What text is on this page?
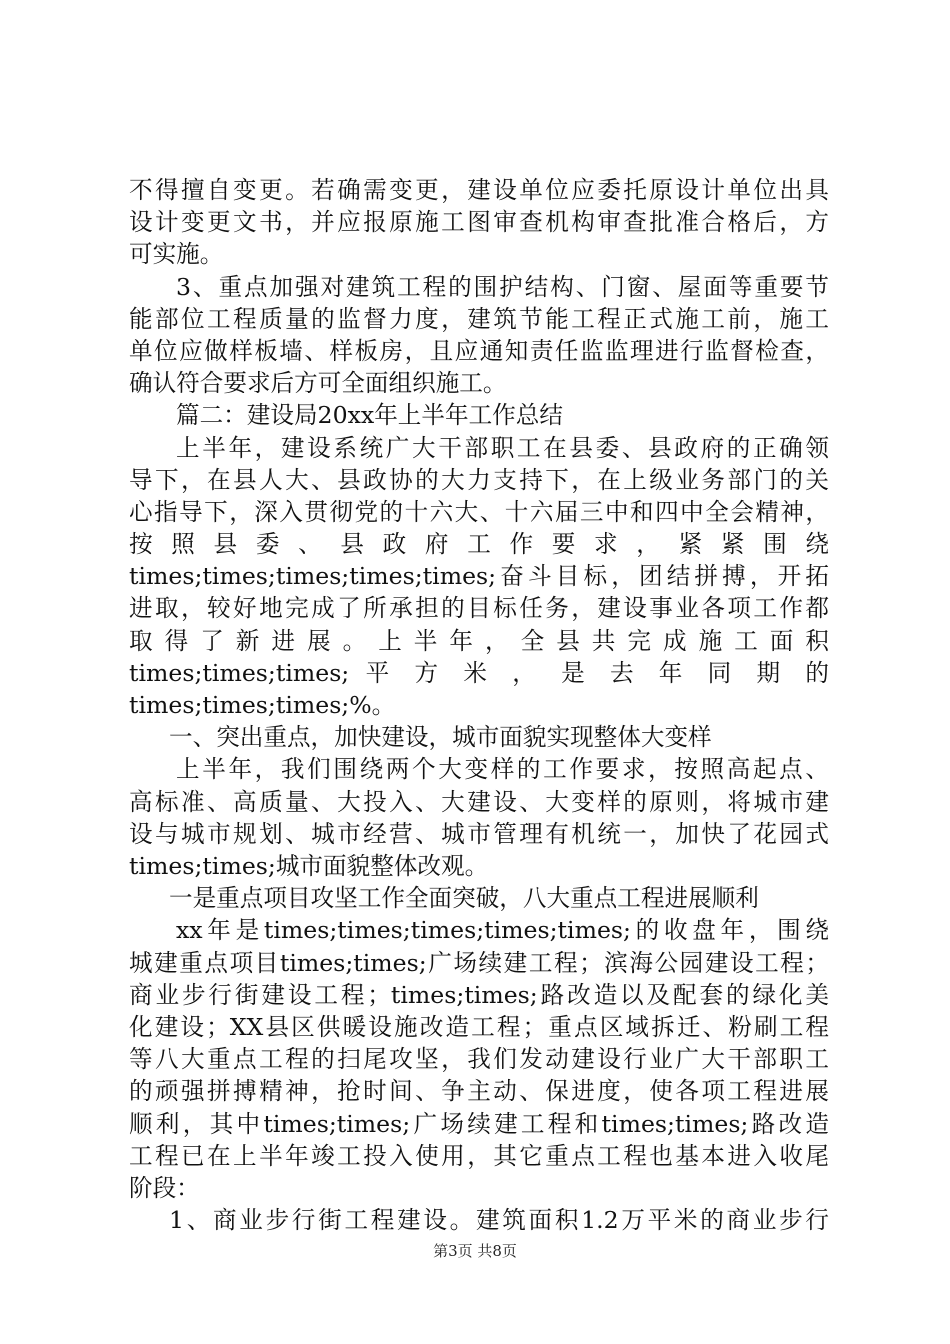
不得擅自变更。若确需变更，建设单位应委托原设计单位出具
设计变更文书，并应报原施工图审查机构审查批准合格后，方
可实施。

3、重点加强对建筑工程的围护结构、门窗、屋面等重要节
能部位工程质量的监督力度，建筑节能工程正式施工前，施工
单位应做样板墙、样板房，且应通知责任监监理进行监督检查，
确认符合要求后方可全面组织施工。

篇二：建设局20xx年上半年工作总结

上半年，建设系统广大干部职工在县委、县政府的正确领
导下，在县人大、县政协的大力支持下，在上级业务部门的关
心指导下，深入贯彻党的十六大、十六届三中和四中全会精神，
按 照 县 委 、 县 政 府 工 作 要 求 ， 紧 紧 围 绕
times;times;times;times;times;奋斗目标，团结拼搏，开拓
进取，较好地完成了所承担的目标任务，建设事业各项工作都
取 得 了 新 进 展 。 上 半 年 ， 全 县 共 完 成 施 工 面 积
times;times;times; 平 方 米 ， 是 去 年 同 期 的
times;times;times;%。

一、突出重点，加快建设，城市面貌实现整体大变样

上半年，我们围绕两个大变样的工作要求，按照高起点、
高标准、高质量、大投入、大建设、大变样的原则，将城市建
设与城市规划、城市经营、城市管理有机统一，加快了花园式
times;times;城市面貌整体改观。

一是重点项目攻坚工作全面突破，八大重点工程进展顺利

xx年是times;times;times;times;times;的收盘年，围绕
城建重点项目times;times;广场续建工程；滨海公园建设工程；
商业步行街建设工程；times;times;路改造以及配套的绿化美
化建设；XX县区供暖设施改造工程；重点区域拆迁、粉刷工程
等八大重点工程的扫尾攻坚，我们发动建设行业广大干部职工
的顽强拼搏精神，抢时间、争主动、保进度，使各项工程进展
顺利，其中times;times;广场续建工程和times;times;路改造
工程已在上半年竣工投入使用，其它重点工程也基本进入收尾
阶段：

1、商业步行街工程建设。建筑面积1.2万平米的商业步行

第3页 共8页
